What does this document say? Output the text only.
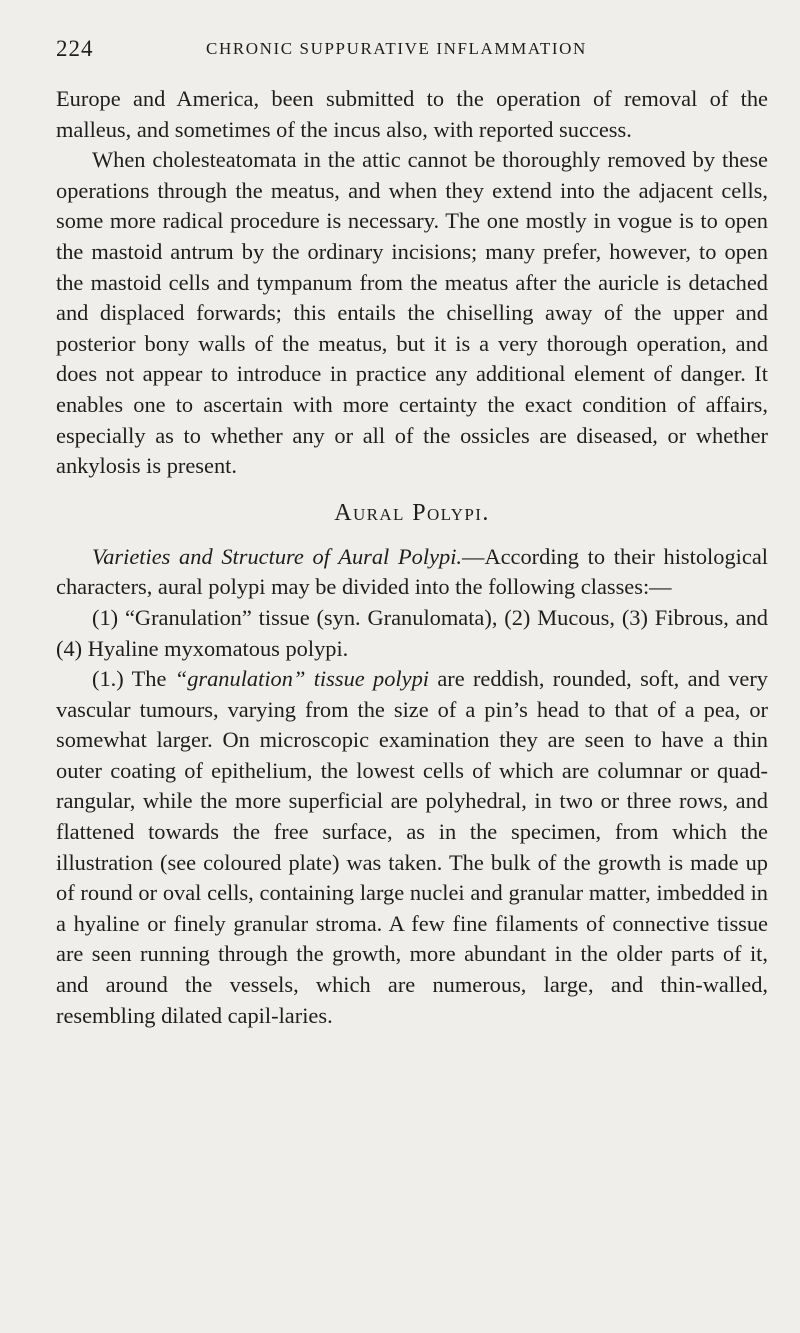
224	CHRONIC SUPPURATIVE INFLAMMATION

Europe and America, been submitted to the operation of removal of the malleus, and sometimes of the incus also, with reported success.

When cholesteatomata in the attic cannot be thoroughly removed by these operations through the meatus, and when they extend into the adjacent cells, some more radical procedure is necessary. The one mostly in vogue is to open the mastoid antrum by the ordinary incisions; many prefer, however, to open the mastoid cells and tympanum from the meatus after the auricle is detached and displaced forwards; this entails the chiselling away of the upper and posterior bony walls of the meatus, but it is a very thorough operation, and does not appear to introduce in practice any additional element of danger. It enables one to ascertain with more certainty the exact condition of affairs, especially as to whether any or all of the ossicles are diseased, or whether ankylosis is present.

Aural Polypi.

Varieties and Structure of Aural Polypi.—According to their histological characters, aural polypi may be divided into the following classes:—

(1) “Granulation” tissue (syn. Granulomata), (2) Mucous, (3) Fibrous, and (4) Hyaline myxomatous polypi.

(1.) The “granulation” tissue polypi are reddish, rounded, soft, and very vascular tumours, varying from the size of a pin’s head to that of a pea, or somewhat larger. On microscopic examination they are seen to have a thin outer coating of epithelium, the lowest cells of which are columnar or quad-rangular, while the more superficial are polyhedral, in two or three rows, and flattened towards the free surface, as in the specimen, from which the illustration (see coloured plate) was taken. The bulk of the growth is made up of round or oval cells, containing large nuclei and granular matter, imbedded in a hyaline or finely granular stroma. A few fine filaments of connective tissue are seen running through the growth, more abundant in the older parts of it, and around the vessels, which are numerous, large, and thin-walled, resembling dilated capil-laries.
